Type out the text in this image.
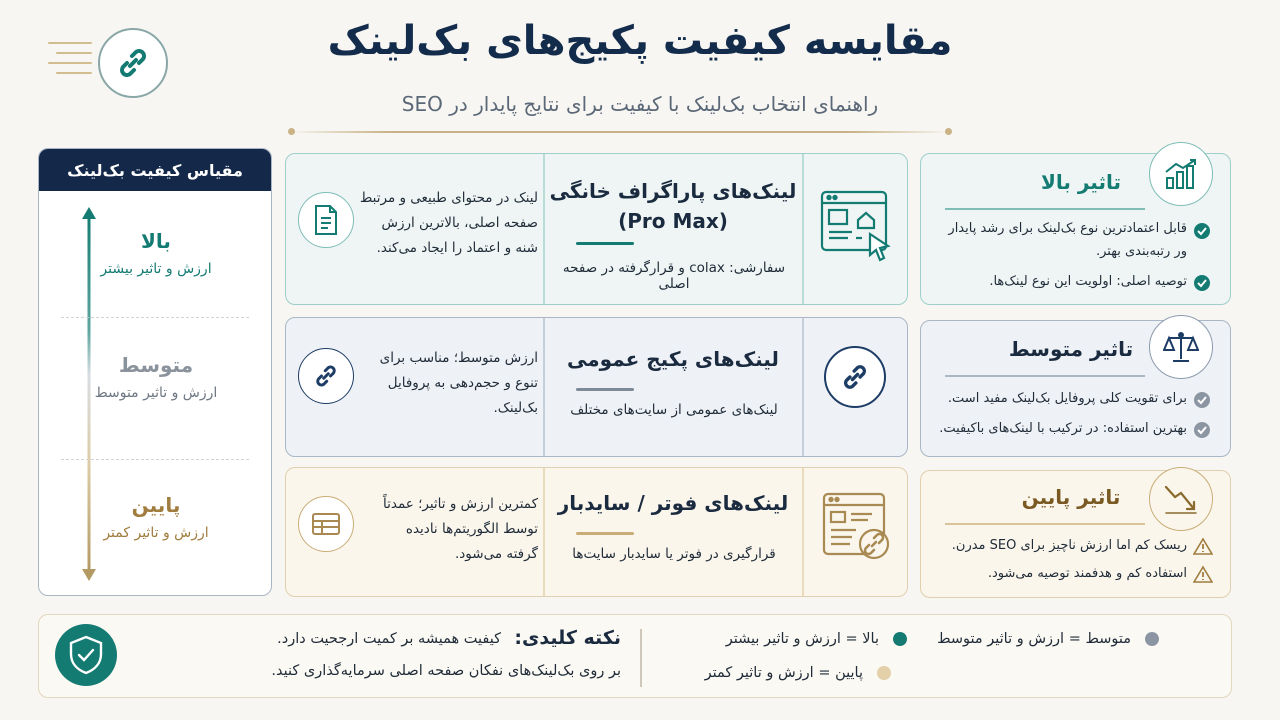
مقایسه کیفیت پکیج‌های بک‌لینک
راهنمای انتخاب بک‌لینک با کیفیت برای نتایج پایدار در SEO
مقیاس کیفیت بک‌لینک
بالا
ارزش و تاثیر بیشتر
متوسط
ارزش و تاثیر متوسط
پایین
ارزش و تاثیر کمتر
لینک در محتوای طبیعی و مرتبط
صفحه اصلی، بالاترین ارزش
شنه و اعتماد را ایجاد می‌کند.
لینک‌های پاراگراف خانگی
(Pro Max)
سفارشی: colax و قرارگرفته در صفحه اصلی
ارزش متوسط؛ مناسب برای
تنوع و حجم‌دهی به پروفایل
بک‌لینک.
لینک‌های پکیج عمومی
لینک‌های عمومی از سایت‌های مختلف
کمترین ارزش و تاثیر؛ عمدتاً
توسط الگوریتم‌ها نادیده
گرفته می‌شود.
لینک‌های فوتر / سایدبار
قرارگیری در فوتر یا سایدبار سایت‌ها
تاثیر بالا
قابل اعتمادترین نوع بک‌لینک برای رشد پایدار
ور رتبه‌بندی بهتر.
توصیه اصلی: اولویت این نوع لینک‌ها.
تاثیر متوسط
برای تقویت کلی پروفایل بک‌لینک مفید است.
بهترین استفاده: در ترکیب با لینک‌های باکیفیت.
تاثیر پایین
ریسک کم اما ارزش ناچیز برای SEO مدرن.
استفاده کم و هدفمند توصیه می‌شود.
نکته کلیدی:
کیفیت همیشه بر کمیت ارجحیت دارد.
بر روی بک‌لینک‌های نفکان صفحه اصلی سرمایه‌گذاری کنید.
بالا = ارزش و تاثیر بیشتر	متوسط = ارزش و تاثیر متوسط
پایین = ارزش و تاثیر کمتر
